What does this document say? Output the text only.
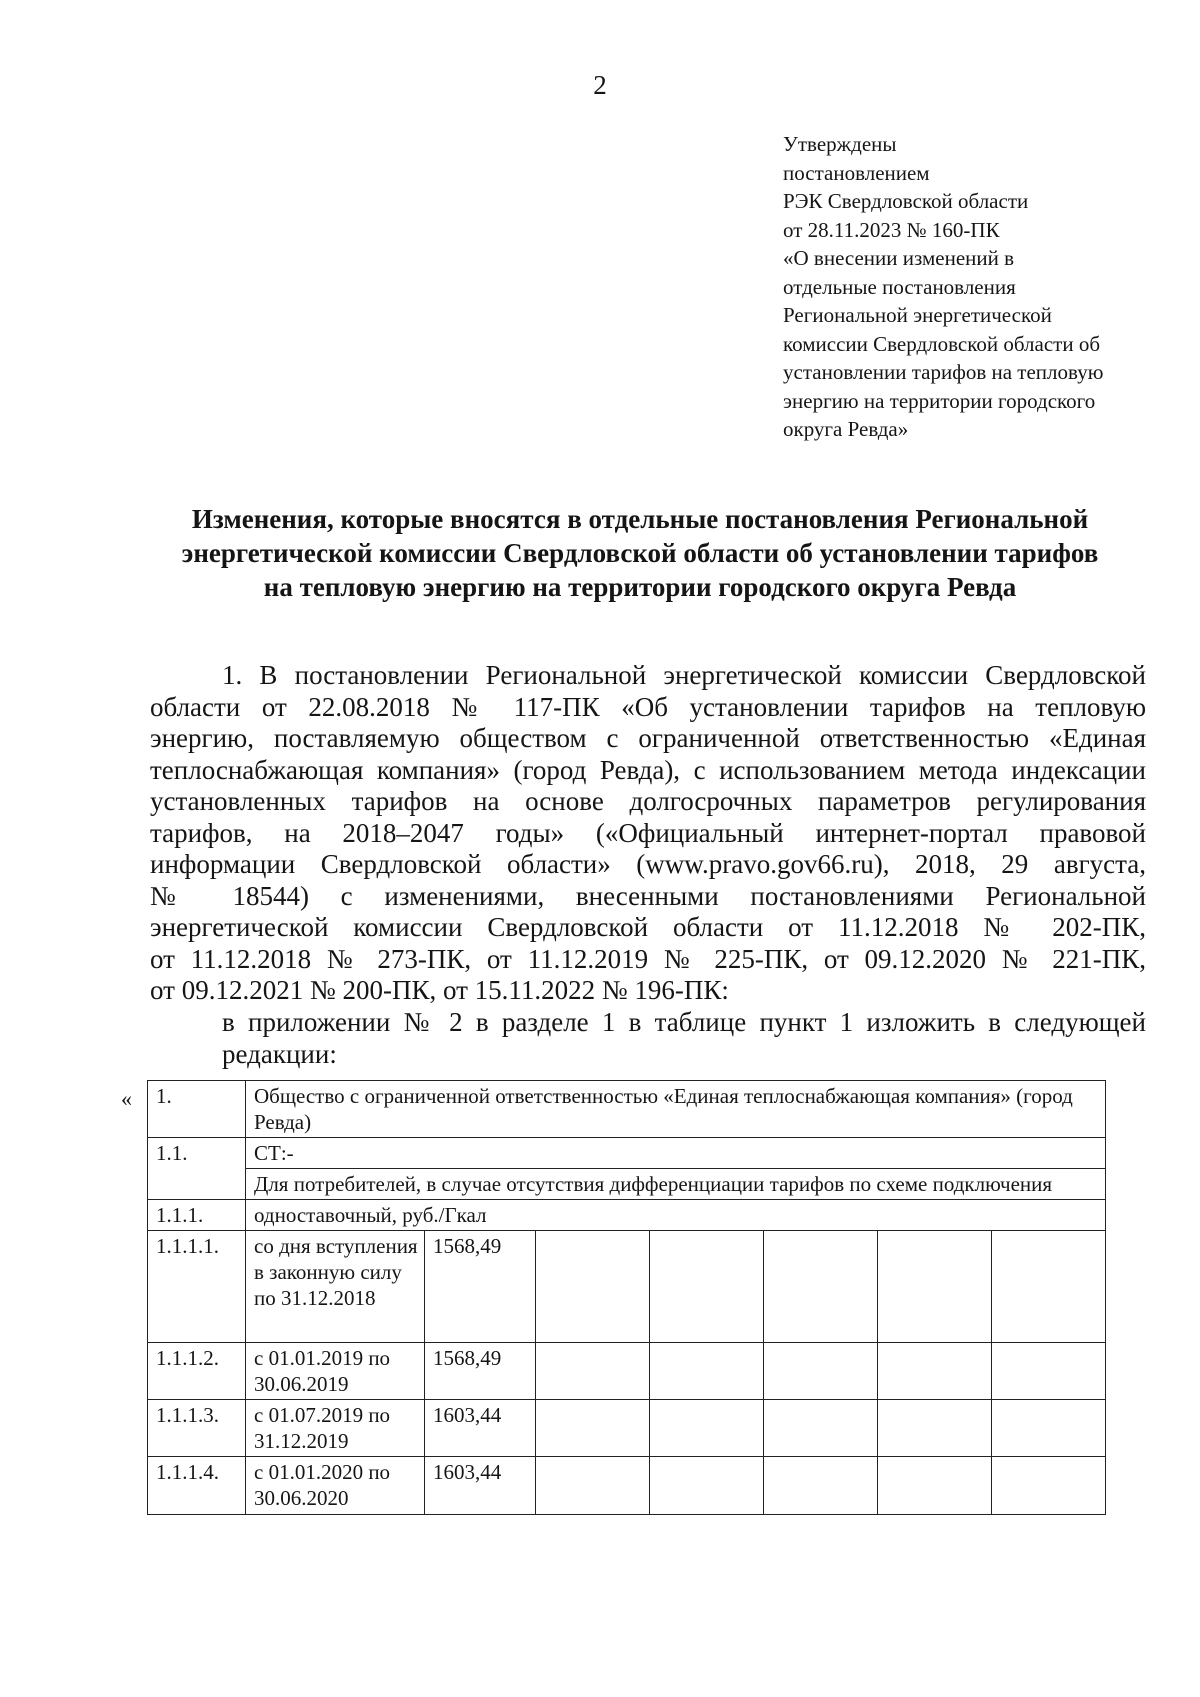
2
Утверждены
постановлением
РЭК Свердловской области
от 28.11.2023 № 160-ПК
«О внесении изменений в
отдельные постановления
Региональной энергетической
комиссии Свердловской области об
установлении тарифов на тепловую
энергию на территории городского
округа Ревда»
Изменения, которые вносятся в отдельные постановления Региональной
энергетической комиссии Свердловской области об установлении тарифов
на тепловую энергию на территории городского округа Ревда
1. В постановлении Региональной энергетической комиссии Свердловской
области от 22.08.2018 № 117-ПК «Об установлении тарифов на тепловую
энергию, поставляемую обществом с ограниченной ответственностью «Единая
теплоснабжающая компания» (город Ревда), с использованием метода индексации
установленных тарифов на основе долгосрочных параметров регулирования
тарифов, на 2018–2047 годы» («Официальный интернет-портал правовой
информации Свердловской области» (www.pravo.gov66.ru), 2018, 29 августа,
№ 18544) с изменениями, внесенными постановлениями Региональной
энергетической комиссии Свердловской области от 11.12.2018 № 202-ПК,
от 11.12.2018 № 273-ПК, от 11.12.2019 № 225-ПК, от 09.12.2020 № 221-ПК,
от 09.12.2021 № 200-ПК, от 15.11.2022 № 196-ПК:
в приложении № 2 в разделе 1 в таблице пункт 1 изложить в следующей
редакции:
« 1.	Общество с ограниченной ответственностью «Единая теплоснабжающая компания» (город Ревда)						
1.1.	СТ:-						
	Для потребителей, в случае отсутствия дифференциации тарифов по схеме подключения						
1.1.1.	одноставочный, руб./Гкал						
1.1.1.1.	со дня вступления в законную силу по 31.12.2018	1568,49					
1.1.1.2.	с 01.01.2019 по 30.06.2019	1568,49					
1.1.1.3.	с 01.07.2019 по 31.12.2019	1603,44					
1.1.1.4.	с 01.01.2020 по 30.06.2020	1603,44					
